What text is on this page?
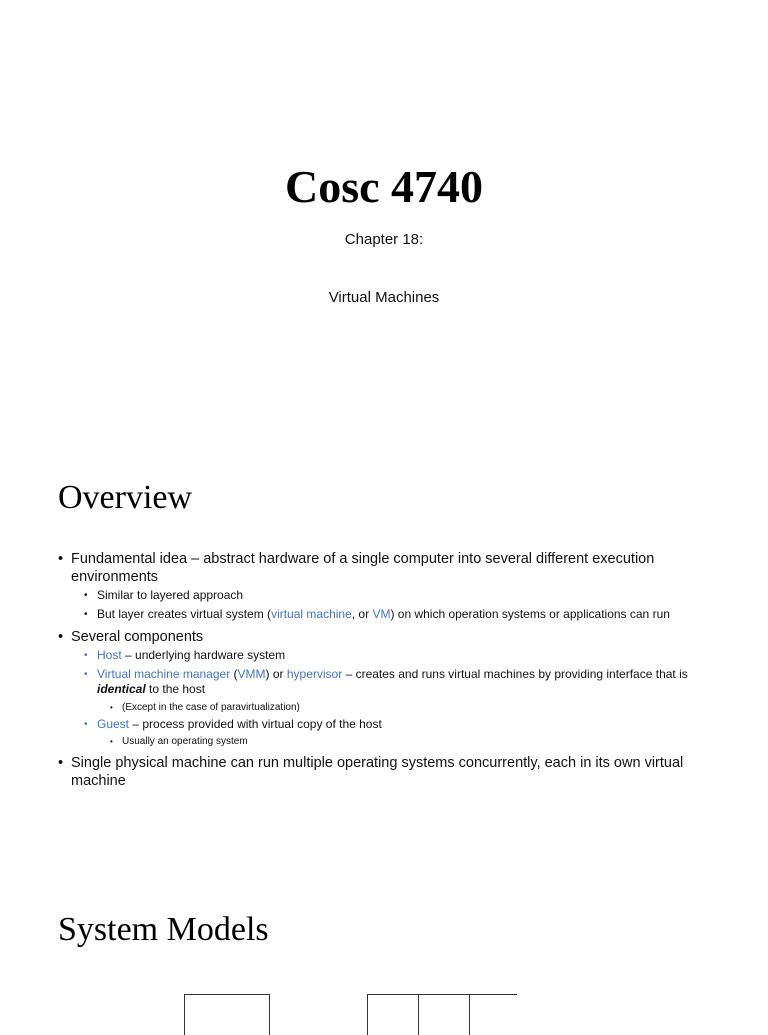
Cosc 4740
Chapter 18:
Virtual Machines
Overview
• Fundamental idea – abstract hardware of a single computer into several different execution environments
• Similar to layered approach
• But layer creates virtual system (virtual machine, or VM) on which operation systems or applications can run
• Several components
• Host – underlying hardware system
• Virtual machine manager (VMM) or hypervisor – creates and runs virtual machines by providing interface that is identical to the host
• (Except in the case of paravirtualization)
• Guest – process provided with virtual copy of the host
• Usually an operating system
• Single physical machine can run multiple operating systems concurrently, each in its own virtual machine
System Models
